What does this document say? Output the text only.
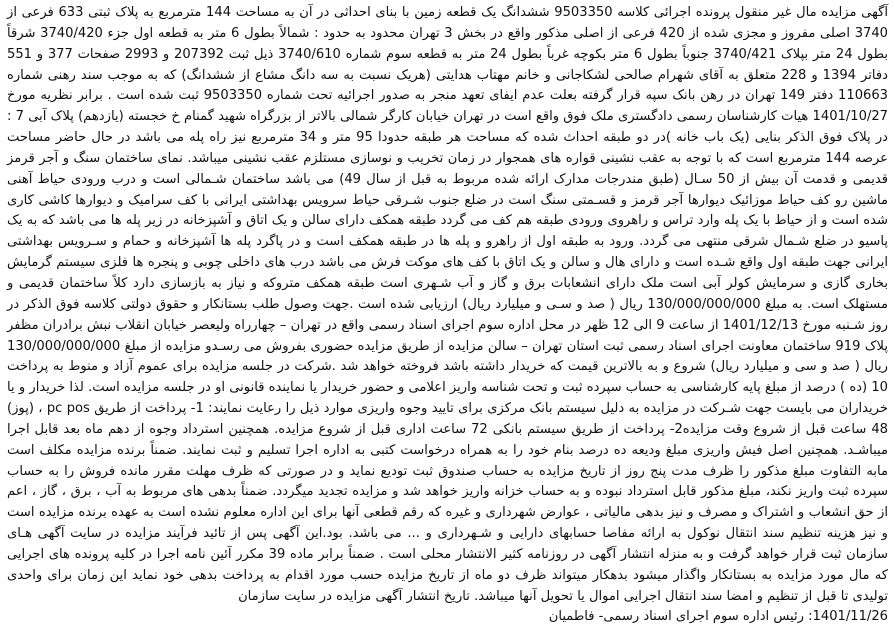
آگهی مزایده مال غیر منقول پرونده اجرائی کلاسه 9503350 ششدانگ یک قطعه زمین با بنای احداثی در آن به مساحت 144 مترمربع به پلاک ثبتی 633 فرعی از 3740 اصلی مفروز و مجزی شده از 420 فرعی از اصلی مذکور واقع در بخش 3 تهران محدود به حدود : شمالاً بطول 6 متر به قطعه اول جزء 3740/420 شرقاً بطول 24 متر بپلاک 3740/421 جنوباً بطول 6 متر بکوچه غرباً بطول 24 متر به قطعه سوم شماره 3740/610 ذیل ثبت 207392 و 2993 صفحات 377 و 551 دفاتر 1394 و 228 متعلق به آقای شهرام صالحی لشکاجانی و خانم مهتاب هدایتی (هریک نسبت به سه دانگ مشاع از ششدانگ) که به موجب سند رهنی شماره 110663 دفتر 149 تهران در رهن بانک سپه قرار گرفته بعلت عدم ایفای تعهد منجر به صدور اجرائیه تحت شماره 9503350 ثبت شده است . برابر نظریه مورخ 1401/10/27 هیات کارشناسان رسمی دادگستری ملک فوق واقع است در تهران خیابان کارگر شمالی بالاتر از بزرگراه شهید گمنام خ خجسته (یازدهم) پلاک آبی 7 : در پلاک فوق الذکر بنایی (یک باب خانه )در دو طبقه احداث شده که مساحت هر طبقه حدودا 95 متر و 34 مترمربع نیز راه پله می باشد در حال حاضر مساحت عرصه 144 مترمربع است که با توجه به عقب نشینی قواره های همجوار در زمان تخریب و نوسازی مستلزم عقب نشینی میباشد. نمای ساختمان سنگ و آجر قرمز قدیمی و قدمت آن بیش از 50 سـال (طبق مندرجات مدارک ارائه شده مربوط به قبل از سال 49) می باشد ساختمان شـمالی است و درب ورودی حیاط آهنی ماشین رو کف حیاط موزائیک دیوارها آجر قرمز و قسـمتی سنگ است در ضلع جنوب شـرقی حیاط سرویس بهداشتی ایرانی با کف سرامیک و دیوارها کاشی کاری شده است و از حیاط با یک پله وارد تراس و راهروی ورودی طبقه هم کف می گردد طبقه همکف دارای سالن و یک اتاق و آشپزخانه در زیر پله ها می باشد که به یک پاسیو در ضلع شـمال شرقی منتهی می گردد. ورود به طبقه اول از راهرو و پله ها در طبقه همکف است و در پاگرد پله ها آشپزخانه و حمام و سـرویس بهداشتی ایرانی جهت طبقه اول واقع شـده است و دارای هال و سالن و یک اتاق با کف های موکت فرش می باشد درب های داخلی چوبی و پنجره ها فلزی سیستم گرمایش بخاری گازی و سرمایش کولر آبی است ملک دارای انشعابات برق و گاز و آب شـهری است طبقه همکف متروکه و نیاز به بازسازی دارد کلاً ساختمان قدیمی و مستهلک است. به مبلغ 130/000/000/000 ریال ( صد و سـی و میلیارد ریال) ارزیابی شده است .جهت وصول طلب بستانکار و حقوق دولتی کلاسه فوق الذکر در روز شـنبه مورخ 1401/12/13 از ساعت 9 الی 12 ظهر در محل اداره سوم اجرای اسناد رسمی واقع در تهران – چهارراه ولیعصر خیابان انقلاب نبش برادران مظفر پلاک 919 ساختمان معاونت اجرای اسناد رسمی ثبت استان تهران – سالن مزایده از طریق مزایده حضوری بفروش می رسـدو مزایده از مبلغ 130/000/000/000 ریال ( صد و سی و میلیارد ریال) شروع و به بالاترین قیمت که خریدار داشته باشد فروخته خواهد شد .شرکت در جلسه مزایده برای عموم آزاد و منوط به پرداخت 10 (ده ) درصد از مبلغ پایه کارشناسی به حساب سپرده ثبت و تحت شناسه واریز اعلامی و حضور خریدار یا نماینده قانونی او در جلسه مزایده است. لذا خریدار و یا خریداران می بایست جهت شـرکت در مزایده به دلیل سیستم بانک مرکزی برای تایید وجوه واریزی موارد ذیل را رعایت نمایند: 1- پرداخت از طریق pc pos ، (پوز) 48 ساعت قبل از شروع وقت مزایده2- پرداخت از طریق سیستم بانکی 72 ساعت اداری قبل از شروع مزایده. همچنین استرداد وجوه از دهم ماه بعد قابل اجرا میباشـد. همچنین اصل فیش واریزی مبلغ ودیعه ده درصد بنام خود را به همراه درخواست کتبی به اداره اجرا تسلیم و ثبت نمایند. ضمناً برنده مزایده مکلف است مابه التفاوت مبلغ مذکور را ظرف مدت پنج روز از تاریخ مزایده به حساب صندوق ثبت تودیع نماید و در صورتی که ظرف مهلت مقرر مانده فروش را به حساب سپرده ثبت واریز نکند، مبلغ مذکور قابل استرداد نبوده و به حساب خزانه واریز خواهد شد و مزایده تجدید میگردد. ضمناً بدهی های مربوط به آب ، برق ، گاز ، اعم از حق انشعاب و اشتراک و مصرف و نیز بدهی مالیاتی ، عوارض شهرداری و غیره که رقم قطعی آنها برای این اداره معلوم نشده است به عهده برنده مزایده است و نیز هزینه تنظیم سند انتقال نوکول به ارائه مفاصا حسابهای دارایی و شـهرداری و ... می باشد. بود.این آگهی پس از تائید فرآیند مزایده در سایت آگهی هـای سازمان ثبت قرار خواهد گرفت و به منزله انتشار آگهی در روزنامه کثیر الانتشار محلی است . ضمناً برابر ماده 39 مکرر آئین نامه اجرا در کلیه پرونده های اجرایی که مال مورد مزایده به بستانکار واگذار میشود بدهکار میتواند ظرف دو ماه از تاریخ مزایده حسب مورد اقدام به پرداخت بدهی خود نماید این زمان برای واحدی تولیدی تا قبل از تنظیم و امضا سند انتقال اجرایی اموال یا تحویل آنها میباشد. تاریخ انتشار آگهی مزایده در سایت سازمان
1401/11/26: رئیس اداره سوم اجرای اسناد رسمی- فاطمیان
